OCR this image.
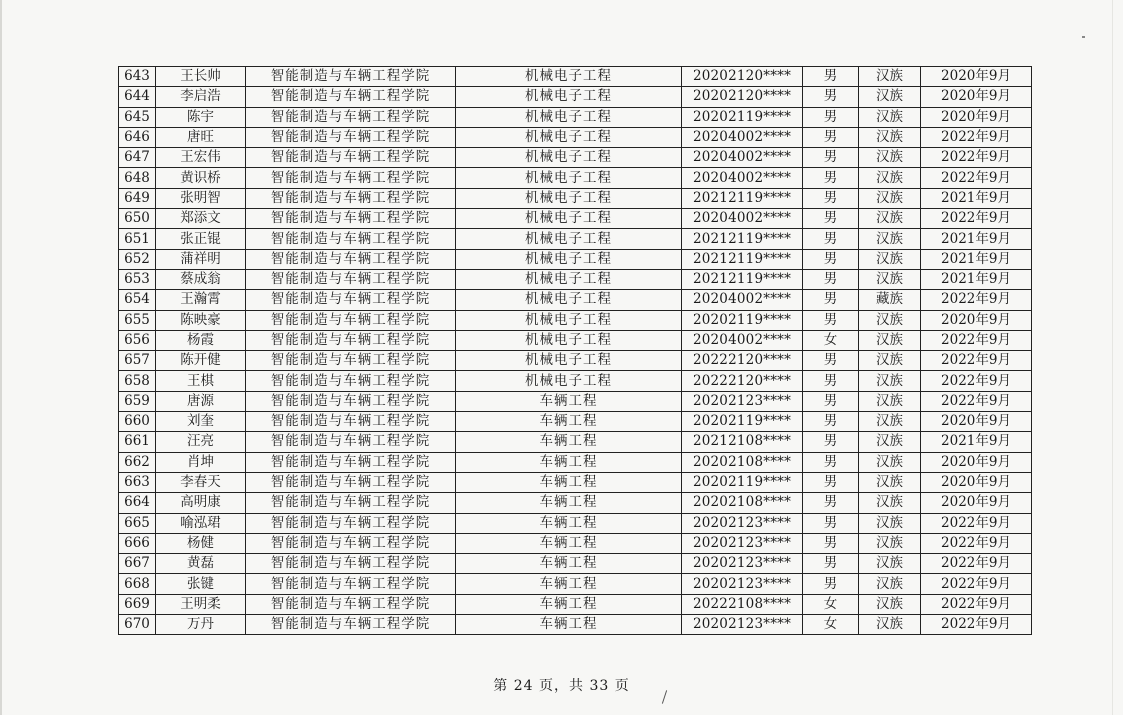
643	王长帅	智能制造与车辆工程学院	机械电子工程	20202120****	男	汉族	2020年9月
644	李启浩	智能制造与车辆工程学院	机械电子工程	20202120****	男	汉族	2020年9月
645	陈宇	智能制造与车辆工程学院	机械电子工程	20202119****	男	汉族	2020年9月
646	唐旺	智能制造与车辆工程学院	机械电子工程	20204002****	男	汉族	2022年9月
647	王宏伟	智能制造与车辆工程学院	机械电子工程	20204002****	男	汉族	2022年9月
648	黄识桥	智能制造与车辆工程学院	机械电子工程	20204002****	男	汉族	2022年9月
649	张明智	智能制造与车辆工程学院	机械电子工程	20212119****	男	汉族	2021年9月
650	郑添文	智能制造与车辆工程学院	机械电子工程	20204002****	男	汉族	2022年9月
651	张正锟	智能制造与车辆工程学院	机械电子工程	20212119****	男	汉族	2021年9月
652	蒲祥明	智能制造与车辆工程学院	机械电子工程	20212119****	男	汉族	2021年9月
653	蔡成翁	智能制造与车辆工程学院	机械电子工程	20212119****	男	汉族	2021年9月
654	王瀚霄	智能制造与车辆工程学院	机械电子工程	20204002****	男	藏族	2022年9月
655	陈映豪	智能制造与车辆工程学院	机械电子工程	20202119****	男	汉族	2020年9月
656	杨霞	智能制造与车辆工程学院	机械电子工程	20204002****	女	汉族	2022年9月
657	陈开健	智能制造与车辆工程学院	机械电子工程	20222120****	男	汉族	2022年9月
658	王棋	智能制造与车辆工程学院	机械电子工程	20222120****	男	汉族	2022年9月
659	唐源	智能制造与车辆工程学院	车辆工程	20202123****	男	汉族	2022年9月
660	刘奎	智能制造与车辆工程学院	车辆工程	20202119****	男	汉族	2020年9月
661	汪亮	智能制造与车辆工程学院	车辆工程	20212108****	男	汉族	2021年9月
662	肖坤	智能制造与车辆工程学院	车辆工程	20202108****	男	汉族	2020年9月
663	李春天	智能制造与车辆工程学院	车辆工程	20202119****	男	汉族	2020年9月
664	高明康	智能制造与车辆工程学院	车辆工程	20202108****	男	汉族	2020年9月
665	喻泓珺	智能制造与车辆工程学院	车辆工程	20202123****	男	汉族	2022年9月
666	杨健	智能制造与车辆工程学院	车辆工程	20202123****	男	汉族	2022年9月
667	黄磊	智能制造与车辆工程学院	车辆工程	20202123****	男	汉族	2022年9月
668	张键	智能制造与车辆工程学院	车辆工程	20202123****	男	汉族	2022年9月
669	王明柔	智能制造与车辆工程学院	车辆工程	20222108****	女	汉族	2022年9月
670	万丹	智能制造与车辆工程学院	车辆工程	20202123****	女	汉族	2022年9月
第 24 页，共 33 页
